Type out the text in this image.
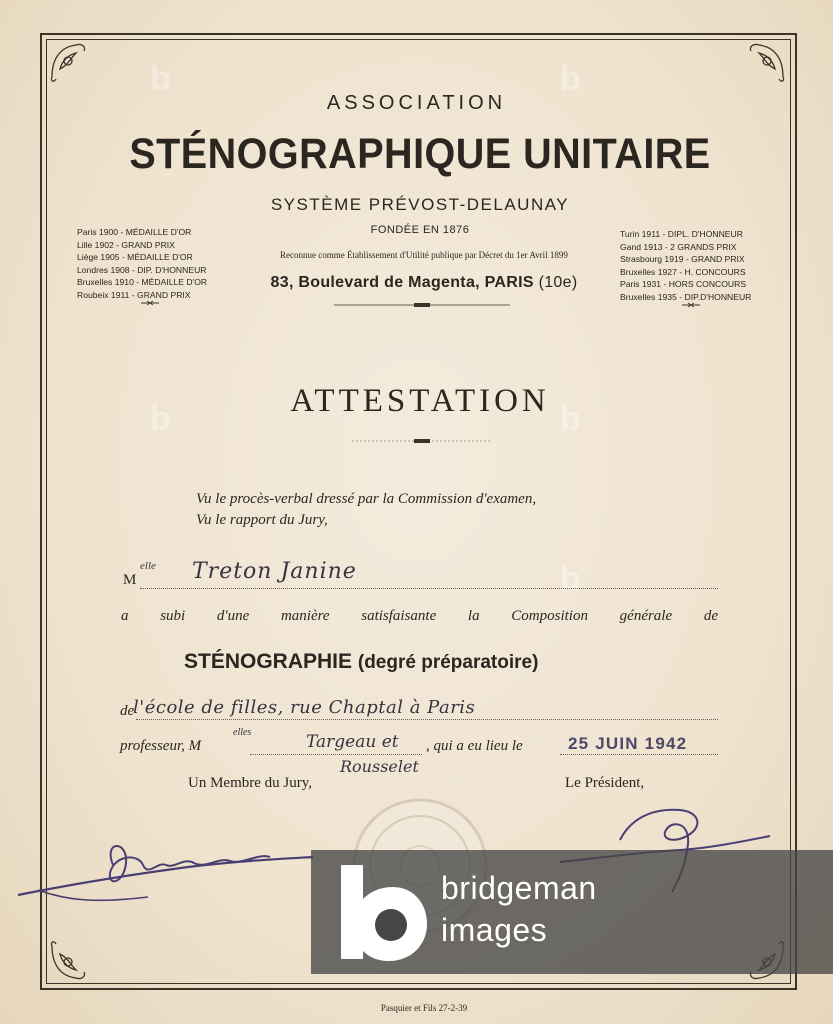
b	b
b
b
b
ASSOCIATION
STÉNOGRAPHIQUE UNITAIRE
SYSTÈME PRÉVOST-DELAUNAY
FONDÉE EN 1876
Reconnue comme Établissement d'Utilité publique par Décret du 1er Avril 1899
83, Boulevard de Magenta, PARIS (10e)
Paris 1900 - MÉDAILLE D'OR
Lille 1902 - GRAND PRIX
Liège 1905 - MÉDAILLE D'OR
Londres 1908 - DIP. D'HONNEUR
Bruxelles 1910 - MÉDAILLE D'OR
Roubeix 1911 - GRAND PRIX
Turin 1911 - DIPL. D'HONNEUR
Gand 1913 - 2 GRANDS PRIX
Strasbourg 1919 - GRAND PRIX
Bruxelles 1927 - H. CONCOURS
Paris 1931 - HORS CONCOURS
Bruxelles 1935 - DIP.D'HONNEUR
ATTESTATION
Vu le procès-verbal dressé par la Commission d'examen,
Vu le rapport du Jury,
M
elle Treton Janine
a subi d'une manière satisfaisante la Composition générale de
STÉNOGRAPHIE (degré préparatoire)
de
l'école de filles, rue Chaptal à Paris
professeur, M
elles	Targeau et , qui a eu lieu le	25 JUIN 1942
Rousselet
Un Membre du Jury,	Le Président,
bridgeman
images
Pasquier et Fils 27-2-39
